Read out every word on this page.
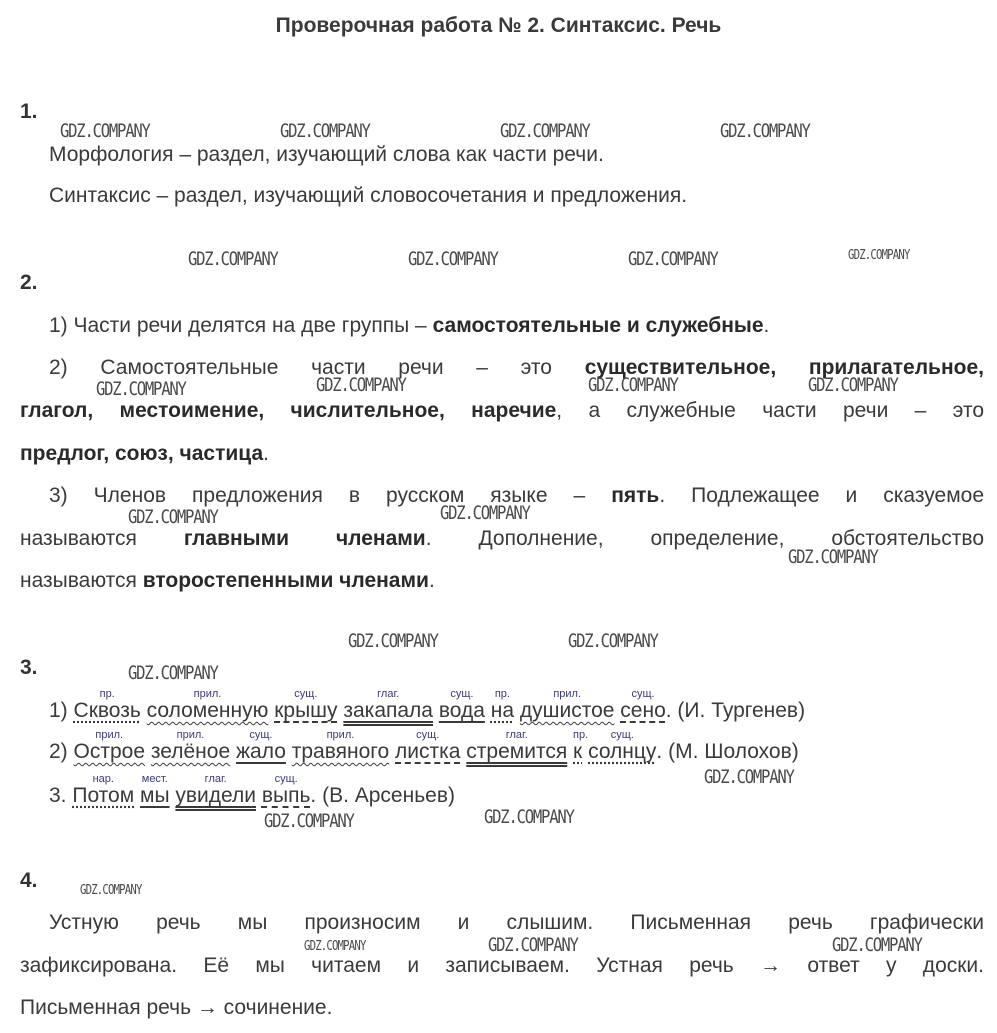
Проверочная работа № 2. Синтаксис. Речь
1.
Морфология – раздел, изучающий слова как части речи.
Синтаксис – раздел, изучающий словосочетания и предложения.
2.
1) Части речи делятся на две группы – самостоятельные и служебные.
2) Самостоятельные части речи – это существительное, прилагательное,
глагол, местоимение, числительное, наречие, а служебные части речи – это
предлог, союз, частица.
3) Членов предложения в русском языке – пять. Подлежащее и сказуемое
называются главными членами. Дополнение, определение, обстоятельство
называются второстепенными членами.
3.
1)
пр.
Сквозь
прил.
соломенную
сущ.
крышу
глаг.
закапала
сущ.
вода
пр.
на
прил.
душистое
сущ.
сено. (И. Тургенев)
2)
прил.
Острое
прил.
зелёное
сущ.
жало
прил.
травяного
сущ.
листка
глаг.
стремится
пр.
к
сущ.
солнцу. (М. Шолохов)
3.
нар.
Потом
мест.
мы
глаг.
увидели
сущ.
выпь. (В. Арсеньев)
4.
Устную речь мы произносим и слышим. Письменная речь графически
зафиксирована. Её мы читаем и записываем. Устная речь → ответ у доски.
Письменная речь → сочинение.
GDZ.COMPANY	GDZ.COMPANY	GDZ.COMPANY	GDZ.COMPANY
GDZ.COMPANY	GDZ.COMPANY	GDZ.COMPANY	GDZ.COMPANY
GDZ.COMPANY	GDZ.COMPANY	GDZ.COMPANY	GDZ.COMPANY
GDZ.COMPANY	GDZ.COMPANY
GDZ.COMPANY
GDZ.COMPANY	GDZ.COMPANY
GDZ.COMPANY
GDZ.COMPANY
GDZ.COMPANY	GDZ.COMPANY
GDZ.COMPANY
GDZ.COMPANY	GDZ.COMPANY	GDZ.COMPANY
